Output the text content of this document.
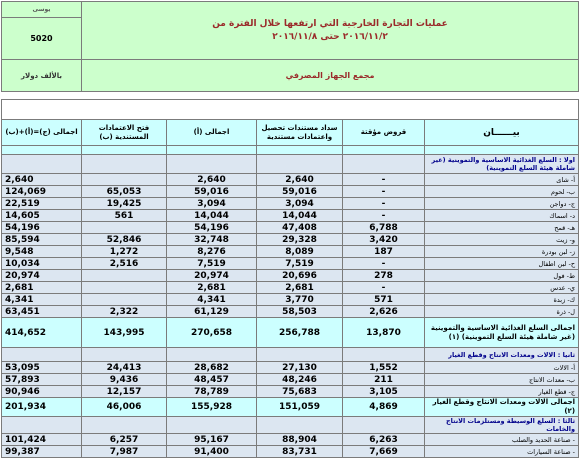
يوسى	عمليات التجارة الخارجية التي ارتفعها خلال الفترة من
٢٠١٦/١١/٢ حتى ٢٠١٦/١١/٨				

5020					
بالألف دولار	مجمع الجهاز المصرفي				

اجمالى (ج)=(أ)+(ب)	فتح الاعتمادات المستندية (ب)	اجمالى (أ)	سداد مستندات تحصيل واعتمادات مستندية	قروض مؤقتة	بيــــــان

					اولا : السلع الغذائية الاساسية والتموينية (غير شاملة هيئة السلع التموينية)
2,640		2,640	2,640	-	أ- شاى
124,069	65,053	59,016	59,016	-	ب- لحوم
22,519	19,425	3,094	3,094	-	ج- دواجن
14,605	561	14,044	14,044	-	د- اسماك
54,196		54,196	47,408	6,788	هـ- قمح
85,594	52,846	32,748	29,328	3,420	و- زيت
9,548	1,272	8,276	8,089	187	ز- لبن بودرة
10,034	2,516	7,519	7,519	-	ح- لبن اطفال
20,974		20,974	20,696	278	ط- فول
2,681		2,681	2,681	-	ي- عدس
4,341		4,341	3,770	571	ك- زبدة
63,451	2,322	61,129	58,503	2,626	ل- ذرة
414,652	143,995	270,658	256,788	13,870	اجمالى السلع الغذائية الاساسية والتموينية (غير شاملة هيئة السلع التموينية) (١)
					ثانيا : الالات ومعدات الانتاج وقطع الغيار
53,095	24,413	28,682	27,130	1,552	أ- الالات
57,893	9,436	48,457	48,246	211	ب- معدات الانتاج
90,946	12,157	78,789	75,683	3,105	ج- قطع الغيار
201,934	46,006	155,928	151,059	4,869	اجمالى الالات ومعدات الانتاج وقطع الغيار (٢)
					ثالثا : السلع الوسيطة ومستلزمات الانتاج والخامات
101,424	6,257	95,167	88,904	6,263	- صناعة الحديد والصلب
99,387	7,987	91,400	83,731	7,669	- صناعة السيارات
